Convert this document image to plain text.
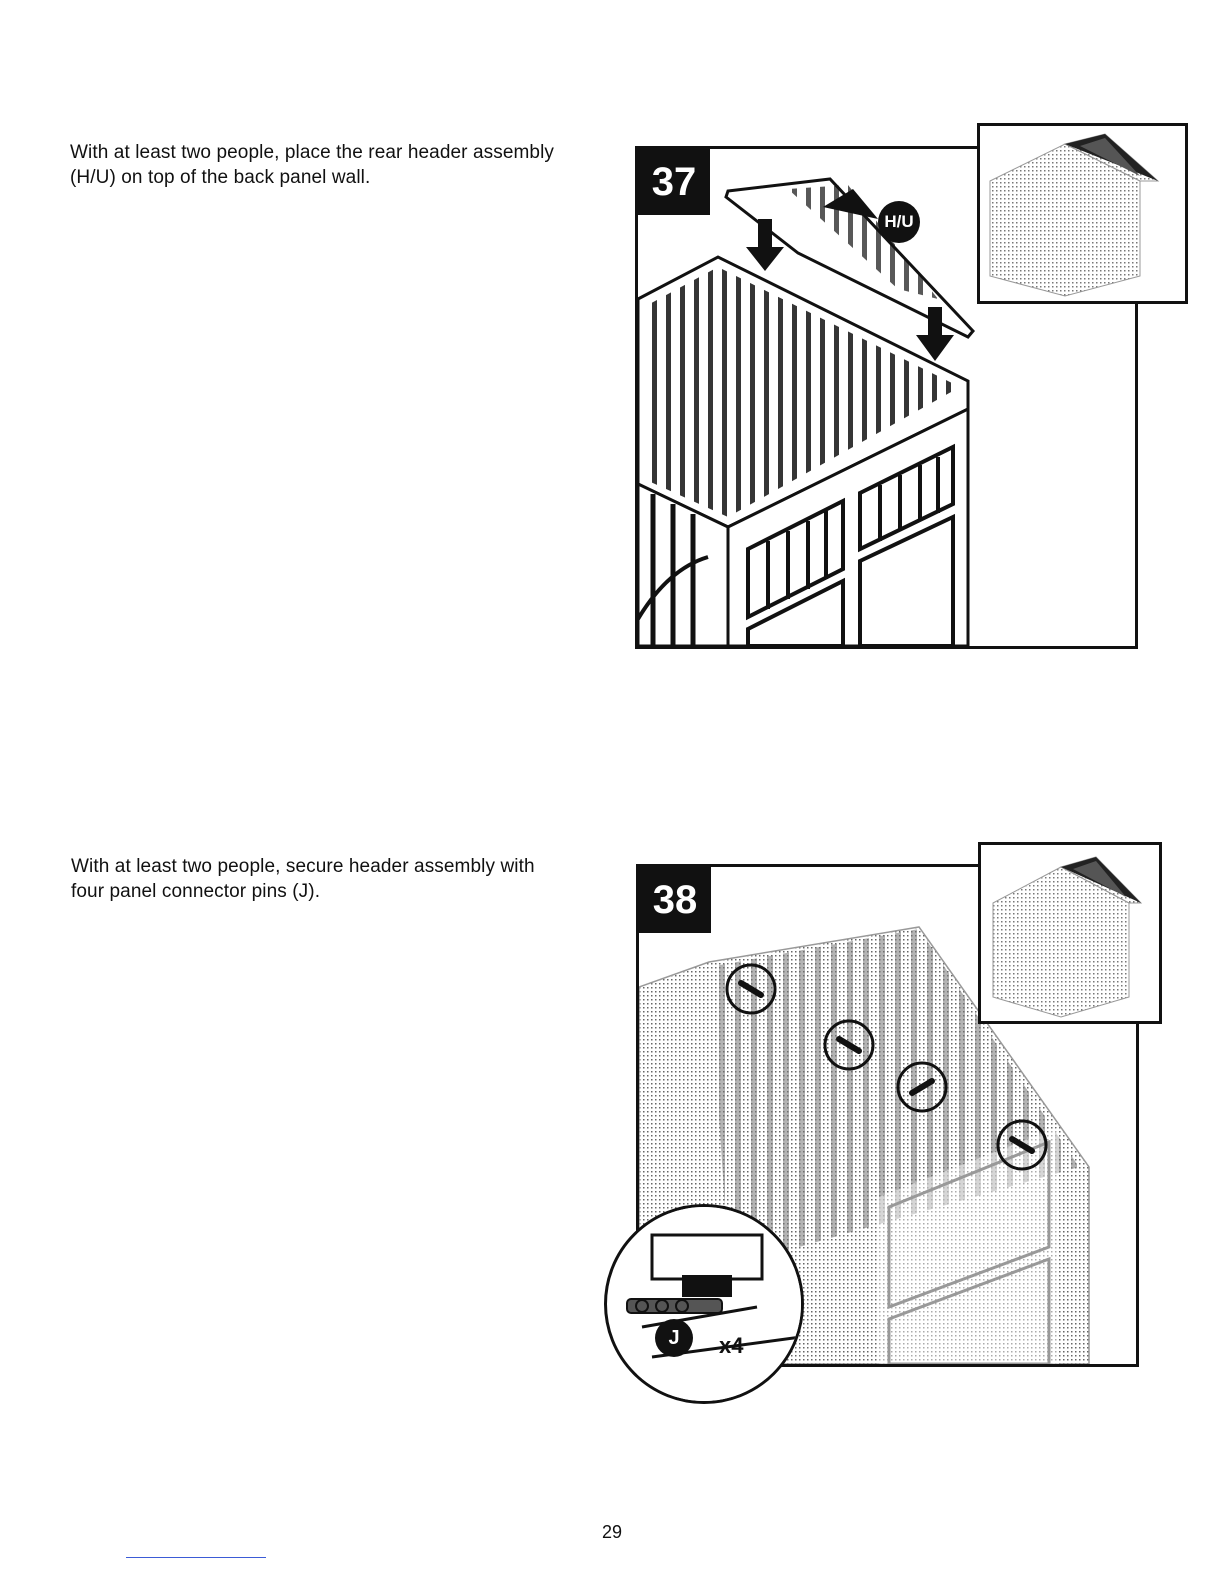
With at least two people, place the rear header assembly (H/U) on top of the back panel wall.	37
H/U
With at least two people, secure header assembly with four panel connector pins (J).	38
J	x4
29
